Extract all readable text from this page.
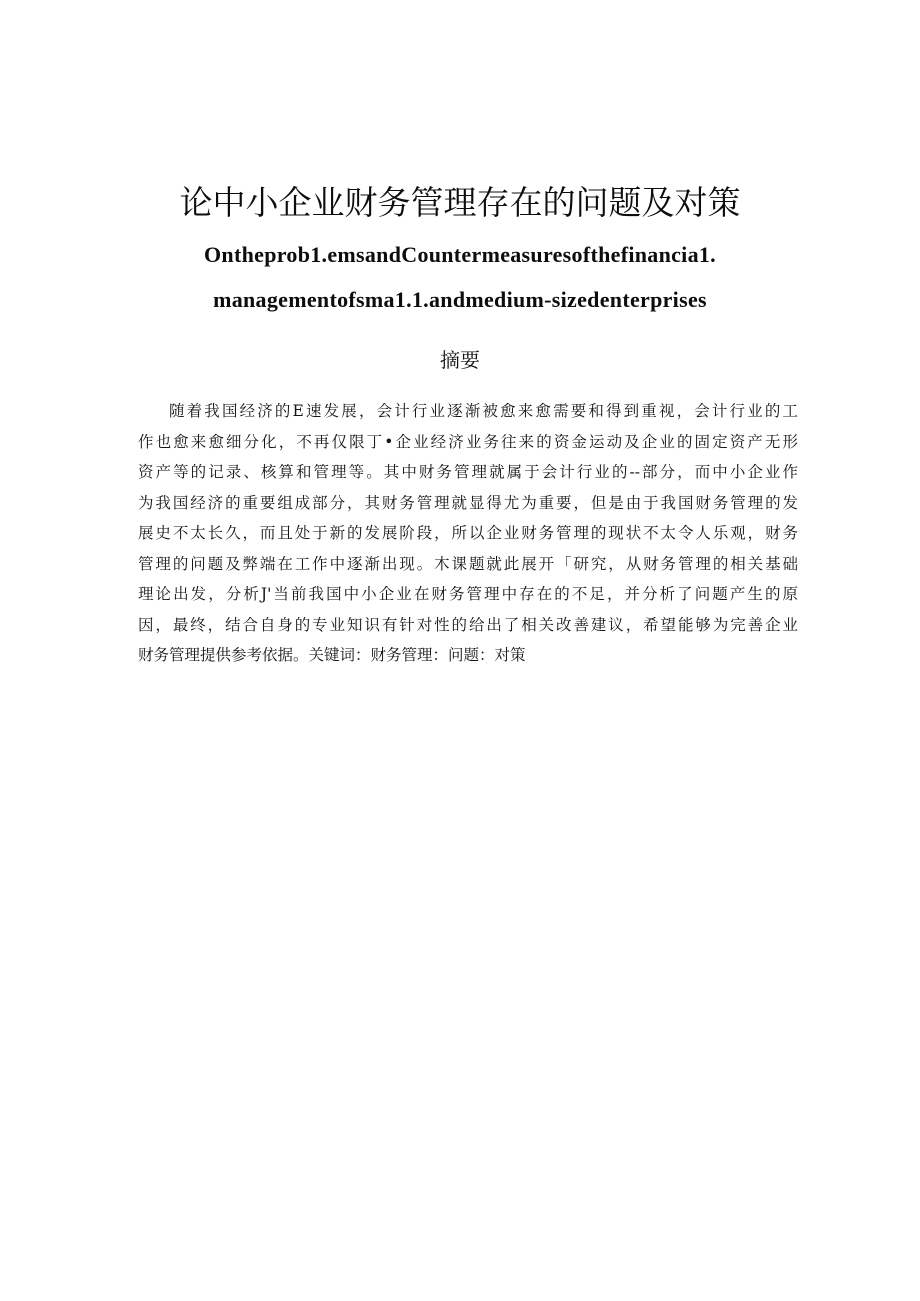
论中小企业财务管理存在的问题及对策
Ontheprob1.emsandCountermeasuresofthefinancia1.
managementofsma1.1.andmedium-sizedenterprises
摘要
随着我国经济的E速发展，会计行业逐渐被愈来愈需要和得到重视，会计行业的工
作也愈来愈细分化，不再仅限丁•企业经济业务往来的资金运动及企业的固定资产无形
资产等的记录、核算和管理等。其中财务管理就属于会计行业的--部分，而中小企业作
为我国经济的重要组成部分，其财务管理就显得尤为重要，但是由于我国财务管理的发
展史不太长久，而且处于新的发展阶段，所以企业财务管理的现状不太令人乐观，财务
管理的问题及弊端在工作中逐渐出现。木课题就此展开「研究，从财务管理的相关基础
理论出发，分析J'当前我国中小企业在财务管理中存在的不足，并分析了问题产生的原
因，最终，结合自身的专业知识有针对性的给出了相关改善建议，希望能够为完善企业
财务管理提供参考依据。关键词：财务管理：问题：对策
